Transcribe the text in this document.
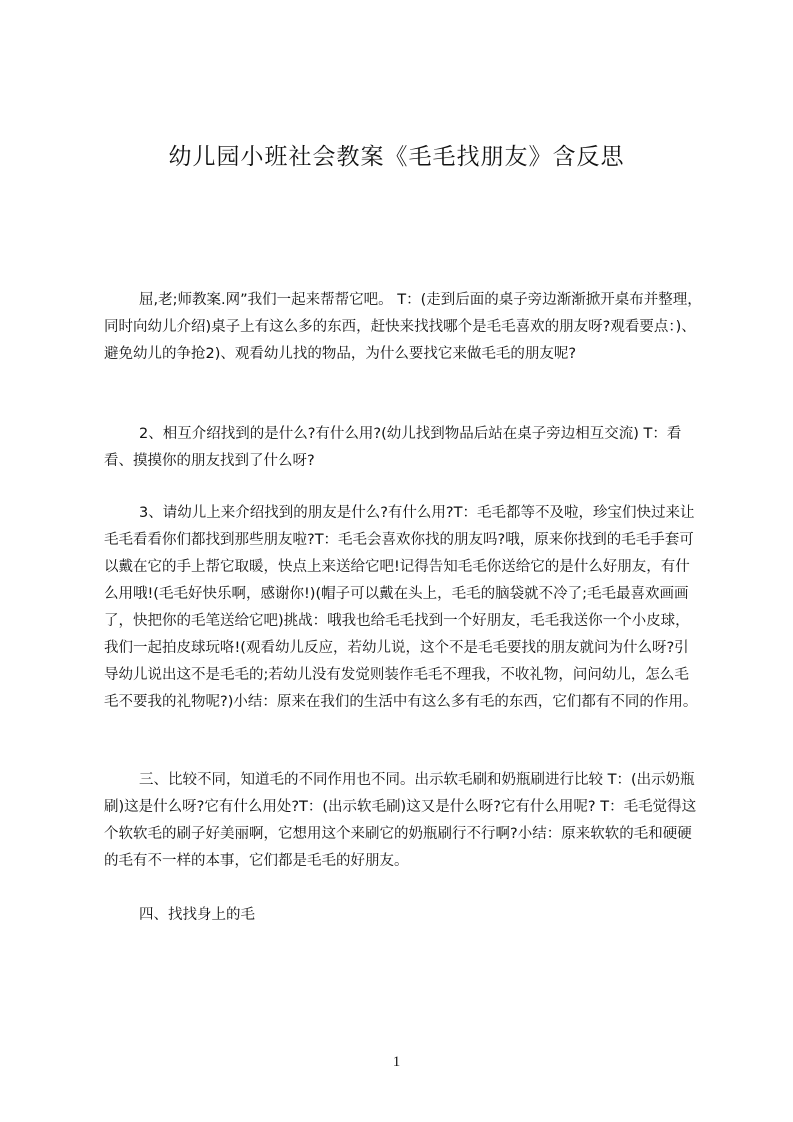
幼儿园小班社会教案《毛毛找朋友》含反思

屈,老;师教案.网”我们一起来帮帮它吧。 T：(走到后面的桌子旁边渐渐掀开桌布并整理，同时向幼儿介绍)桌子上有这么多的东西，赶快来找找哪个是毛毛喜欢的朋友呀?观看要点：)、避免幼儿的争抢2)、观看幼儿找的物品，为什么要找它来做毛毛的朋友呢?

2、相互介绍找到的是什么?有什么用?(幼儿找到物品后站在桌子旁边相互交流) T：看看、摸摸你的朋友找到了什么呀?

3、请幼儿上来介绍找到的朋友是什么?有什么用?T：毛毛都等不及啦，珍宝们快过来让毛毛看看你们都找到那些朋友啦?T：毛毛会喜欢你找的朋友吗?哦，原来你找到的毛毛手套可以戴在它的手上帮它取暖，快点上来送给它吧!记得告知毛毛你送给它的是什么好朋友，有什么用哦!(毛毛好快乐啊，感谢你!)(帽子可以戴在头上，毛毛的脑袋就不冷了;毛毛最喜欢画画了，快把你的毛笔送给它吧)挑战：哦我也给毛毛找到一个好朋友，毛毛我送你一个小皮球，我们一起拍皮球玩咯!(观看幼儿反应，若幼儿说，这个不是毛毛要找的朋友就问为什么呀?引导幼儿说出这不是毛毛的;若幼儿没有发觉则装作毛毛不理我，不收礼物，问问幼儿，怎么毛毛不要我的礼物呢?)小结：原来在我们的生活中有这么多有毛的东西，它们都有不同的作用。

三、比较不同，知道毛的不同作用也不同。出示软毛刷和奶瓶刷进行比较 T：(出示奶瓶刷)这是什么呀?它有什么用处?T：(出示软毛刷)这又是什么呀?它有什么用呢? T：毛毛觉得这个软软毛的刷子好美丽啊，它想用这个来刷它的奶瓶刷行不行啊?小结：原来软软的毛和硬硬的毛有不一样的本事，它们都是毛毛的好朋友。

四、找找身上的毛

1
